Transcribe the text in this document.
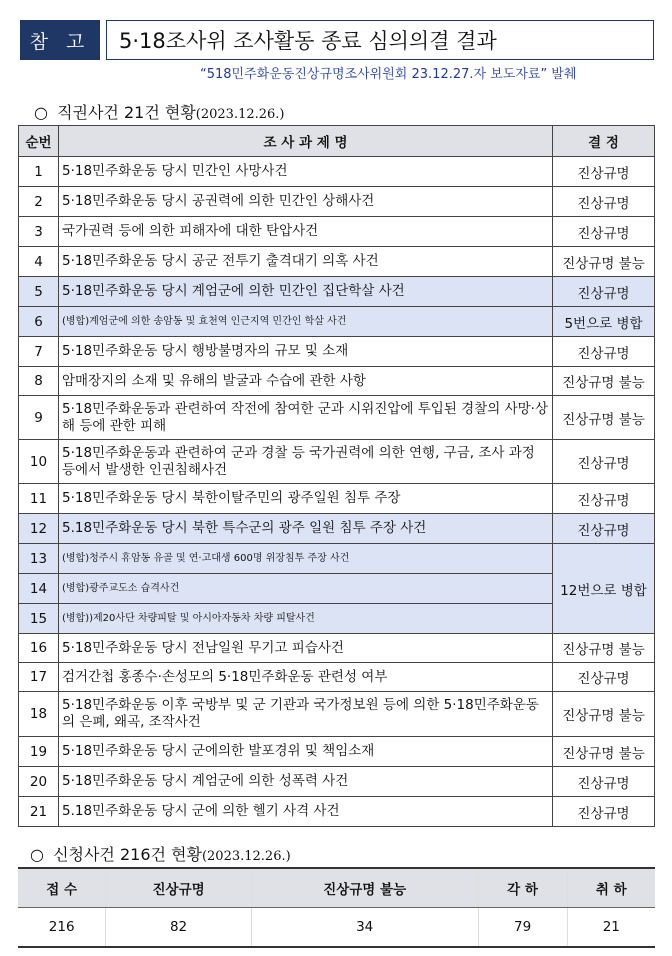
참 고	5·18조사위 조사활동 종료 심의의결 결과
“518민주화운동진상규명조사위원회 23.12.27.자 보도자료” 발췌
○ 직권사건 21건 현황(2023.12.26.)
순번	조 사 과 제 명	결 정
1	5·18민주화운동 당시 민간인 사망사건	진상규명
2	5·18민주화운동 당시 공권력에 의한 민간인 상해사건	진상규명
3	국가권력 등에 의한 피해자에 대한 탄압사건	진상규명
4	5·18민주화운동 당시 공군 전투기 출격대기 의혹 사건	진상규명 불능
5	5·18민주화운동 당시 계엄군에 의한 민간인 집단학살 사건	진상규명
6	(병합)계엄군에 의한 송암동 및 효천역 인근지역 민간인 학살 사건	5번으로 병합
7	5·18민주화운동 당시 행방불명자의 규모 및 소재	진상규명
8	암매장지의 소재 및 유해의 발굴과 수습에 관한 사항	진상규명 불능
9	5·18민주화운동과 관련하여 작전에 참여한 군과 시위진압에 투입된 경찰의 사망·상해 등에 관한 피해	진상규명 불능
10	5·18민주화운동과 관련하여 군과 경찰 등 국가권력에 의한 연행, 구금, 조사 과정 등에서 발생한 인권침해사건	진상규명
11	5·18민주화운동 당시 북한이탈주민의 광주일원 침투 주장	진상규명
12	5.18민주화운동 당시 북한 특수군의 광주 일원 침투 주장 사건	진상규명
13	(병합)청주시 휴암동 유골 및 연·고대생 600명 위장침투 주장 사건	12번으로 병합
14	(병합)광주교도소 습격사건	
15	(병합))제20사단 차량피탈 및 아시아자동차 차량 피탈사건	
16	5·18민주화운동 당시 전남일원 무기고 피습사건	진상규명 불능
17	검거간첩 홍종수·손성모의 5·18민주화운동 관련성 여부	진상규명
18	5·18민주화운동 이후 국방부 및 군 기관과 국가정보원 등에 의한 5·18민주화운동의 은폐, 왜곡, 조작사건	진상규명 불능
19	5·18민주화운동 당시 군에의한 발포경위 및 책임소재	진상규명 불능
20	5·18민주화운동 당시 계엄군에 의한 성폭력 사건	진상규명
21	5.18민주화운동 당시 군에 의한 헬기 사격 사건	진상규명
○ 신청사건 216건 현황(2023.12.26.)
접 수	진상규명	진상규명 불능	각 하	취 하
216	82	34	79	21
